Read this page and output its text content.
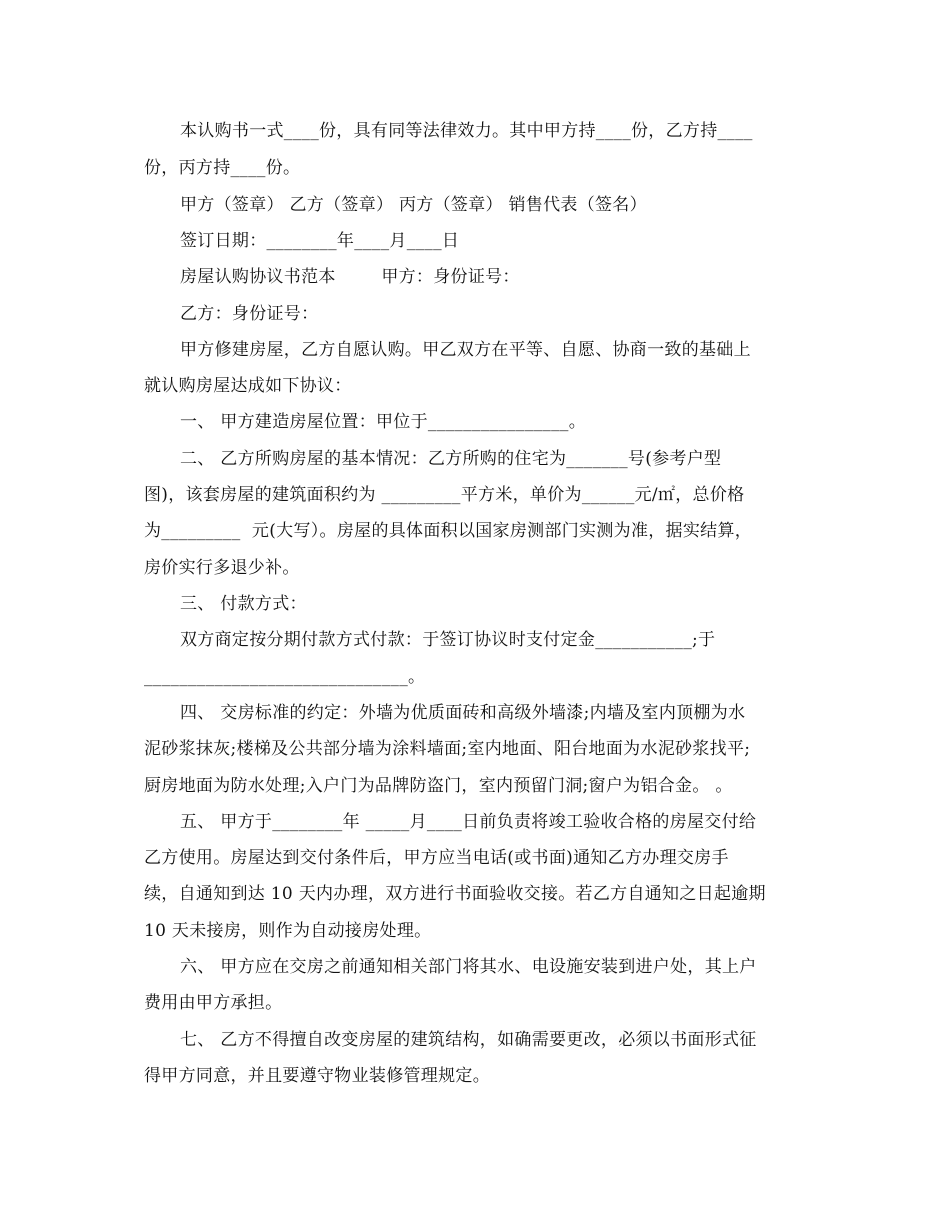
本认购书一式____份，具有同等法律效力。其中甲方持____份，乙方持____
份，丙方持____份。
甲方（签章） 乙方（签章） 丙方（签章） 销售代表（签名）
签订日期：________年____月____日
房屋认购协议书范本        甲方：身份证号：
乙方：身份证号：
甲方修建房屋，乙方自愿认购。甲乙双方在平等、自愿、协商一致的基础上
就认购房屋达成如下协议：
一、 甲方建造房屋位置：甲位于________________。
二、 乙方所购房屋的基本情况：乙方所购的住宅为_______号(参考户型
图)，该套房屋的建筑面积约为 _________平方米，单价为______元/㎡，总价格
为_________  元(大写）。房屋的具体面积以国家房测部门实测为准，据实结算，
房价实行多退少补。
三、 付款方式：
双方商定按分期付款方式付款：于签订协议时支付定金___________;于
______________________________。
四、 交房标准的约定：外墙为优质面砖和高级外墙漆;内墙及室内顶棚为水
泥砂浆抹灰;楼梯及公共部分墙为涂料墙面;室内地面、阳台地面为水泥砂浆找平;
厨房地面为防水处理;入户门为品牌防盗门，室内预留门洞;窗户为铝合金。 。
五、 甲方于________年 _____月____日前负责将竣工验收合格的房屋交付给
乙方使用。房屋达到交付条件后，甲方应当电话(或书面)通知乙方办理交房手
续，自通知到达 10 天内办理，双方进行书面验收交接。若乙方自通知之日起逾期
10 天未接房，则作为自动接房处理。
六、 甲方应在交房之前通知相关部门将其水、电设施安装到进户处，其上户
费用由甲方承担。
七、 乙方不得擅自改变房屋的建筑结构，如确需要更改，必须以书面形式征
得甲方同意，并且要遵守物业装修管理规定。
